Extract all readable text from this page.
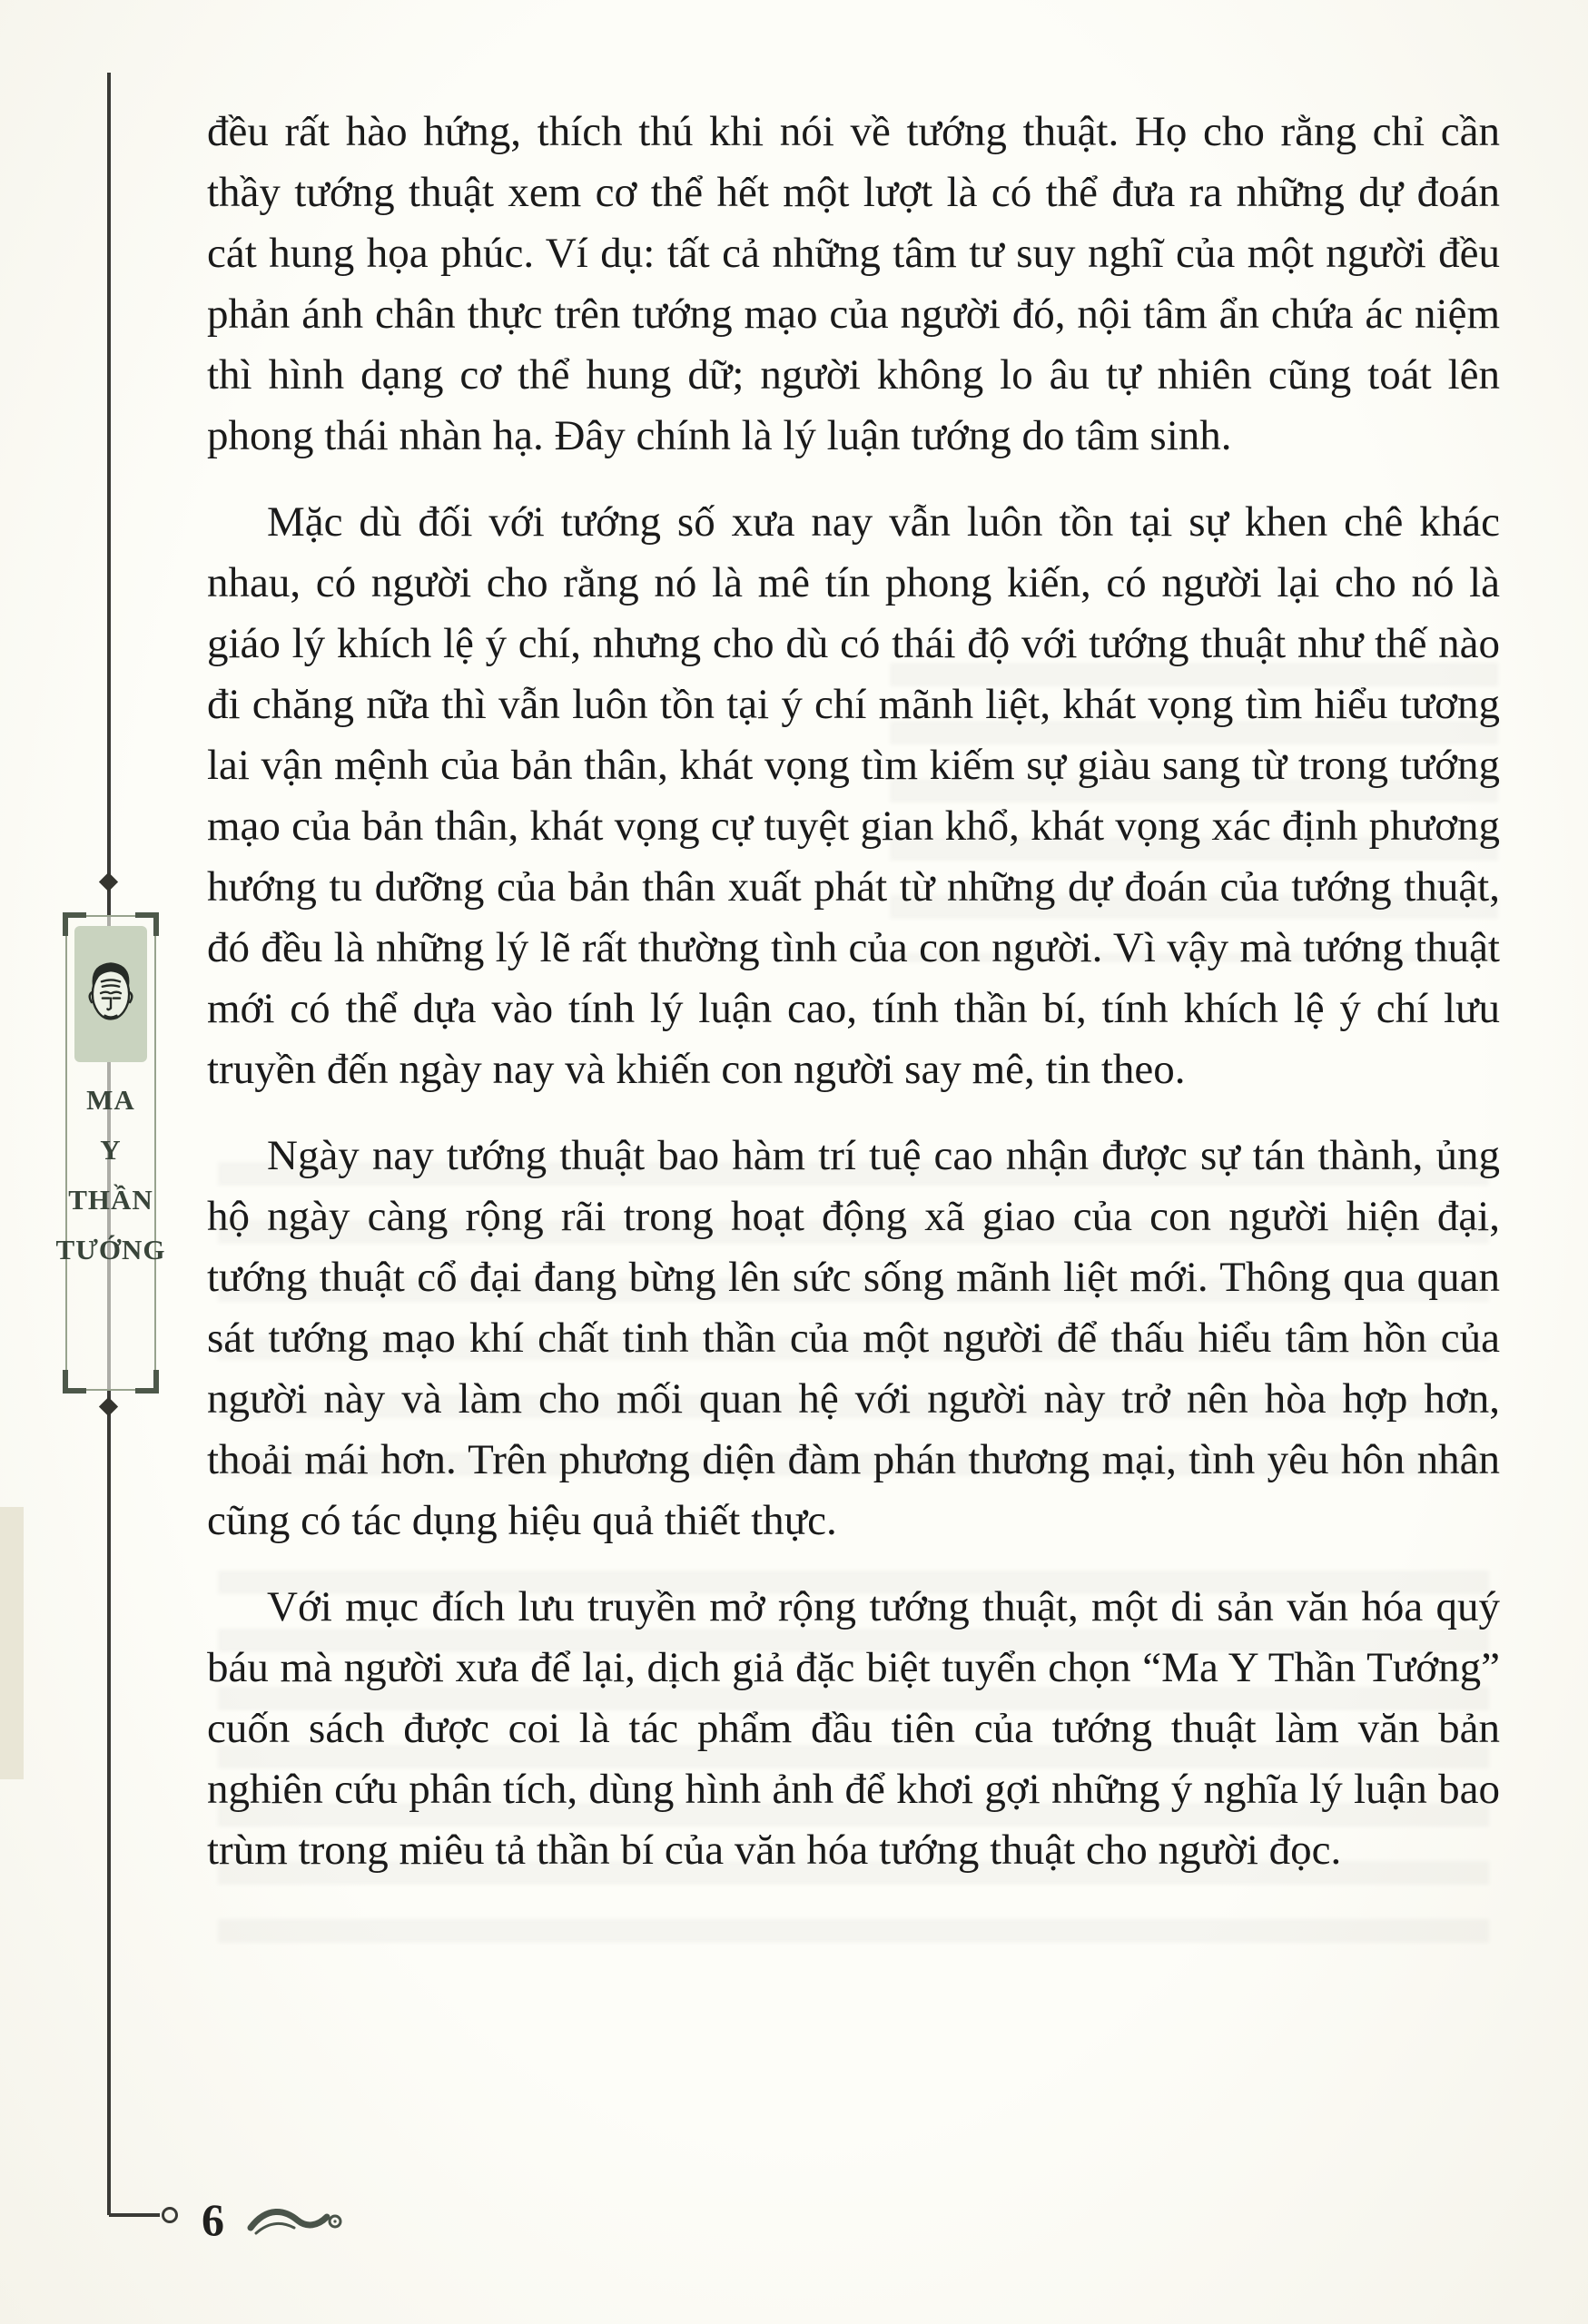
MA
Y
THẦN
TƯỚNG

đều rất hào hứng, thích thú khi nói về tướng thuật. Họ cho rằng chỉ cần thầy tướng thuật xem cơ thể hết một lượt là có thể đưa ra những dự đoán cát hung họa phúc. Ví dụ: tất cả những tâm tư suy nghĩ của một người đều phản ánh chân thực trên tướng mạo của người đó, nội tâm ẩn chứa ác niệm thì hình dạng cơ thể hung dữ; người không lo âu tự nhiên cũng toát lên phong thái nhàn hạ. Đây chính là lý luận tướng do tâm sinh.

Mặc dù đối với tướng số xưa nay vẫn luôn tồn tại sự khen chê khác nhau, có người cho rằng nó là mê tín phong kiến, có người lại cho nó là giáo lý khích lệ ý chí, nhưng cho dù có thái độ với tướng thuật như thế nào đi chăng nữa thì vẫn luôn tồn tại ý chí mãnh liệt, khát vọng tìm hiểu tương lai vận mệnh của bản thân, khát vọng tìm kiếm sự giàu sang từ trong tướng mạo của bản thân, khát vọng cự tuyệt gian khổ, khát vọng xác định phương hướng tu dưỡng của bản thân xuất phát từ những dự đoán của tướng thuật, đó đều là những lý lẽ rất thường tình của con người. Vì vậy mà tướng thuật mới có thể dựa vào tính lý luận cao, tính thần bí, tính khích lệ ý chí lưu truyền đến ngày nay và khiến con người say mê, tin theo.

Ngày nay tướng thuật bao hàm trí tuệ cao nhận được sự tán thành, ủng hộ ngày càng rộng rãi trong hoạt động xã giao của con người hiện đại, tướng thuật cổ đại đang bừng lên sức sống mãnh liệt mới. Thông qua quan sát tướng mạo khí chất tinh thần của một người để thấu hiểu tâm hồn của người này và làm cho mối quan hệ với người này trở nên hòa hợp hơn, thoải mái hơn. Trên phương diện đàm phán thương mại, tình yêu hôn nhân cũng có tác dụng hiệu quả thiết thực.

Với mục đích lưu truyền mở rộng tướng thuật, một di sản văn hóa quý báu mà người xưa để lại, dịch giả đặc biệt tuyển chọn “Ma Y Thần Tướng” cuốn sách được coi là tác phẩm đầu tiên của tướng thuật làm văn bản nghiên cứu phân tích, dùng hình ảnh để khơi gợi những ý nghĩa lý luận bao trùm trong miêu tả thần bí của văn hóa tướng thuật cho người đọc.

6
